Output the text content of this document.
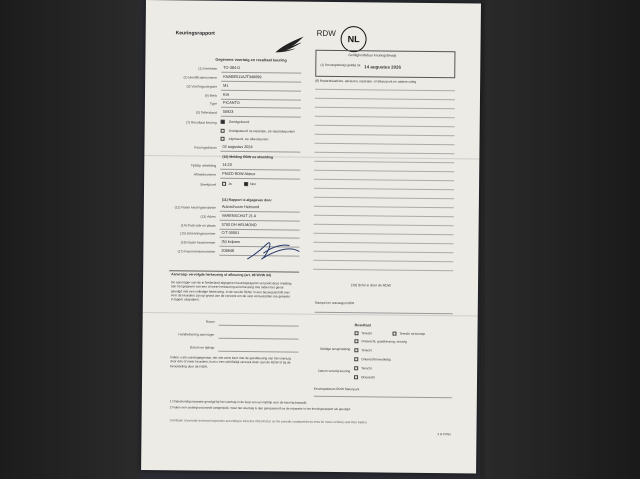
Keuringsrapport	RDW
NL
Gegevens voertuig en resultaat keuring
Geldigheidsduur keuringsbewijs
(1) Keuringsbewijs geldig tot 14 augustus 2026
(8) Reparatieadvies, adviezen, reparatie- of afkeurpunt en nadere uitleg
(1) Kenteken TO-384-D
(2) Identificatienummer KNABE511AJT346699
(3) Voertuigcategorie M1
(4) Merk KIA
Type PICANTO
(5) Tellerstand 50923
(7) Resultaat keuring	Goedgekeurd
Goedgekeurd na reparatie, zie reparatiepunten
Afgekeurd, zie afkeurpunten
Keuringsdatum 02 augustus 2024
(10) Melding RDW na afmelding
Tijdstip afmelding 14:23
Afmeldnummer PNIZD RDW Aktrux
Steekproef	Ja	Nee
(11) Rapport is afgegeven door
(12) Naam keuringsinstantie Autoschoom Helmond
(13) Adres VARENSCHUT 21 A
(14) Postcode en plaats 5705 DH HELMOND
(15) Erkenningsnummer C/T 00001
(16) Naam keurmeester (N) kclpam
(17) Keurmeesternummer 208648
Aanvraag- vervolgde herkeuring of afkeuring (art. 98 WVW 94)
De aanvrager van de in Nederland afgegeven keuringsrapport verzoekt deze melding aan het gegeven van een of meer herkeuring en/of keuring met indien het geval gevolgd met een volledige herkeuring. In de wet de RDW, in een bezwaarschrift met voor de keurders zijn op grond van de verzoek om de vast voorwaarden toe gestrekt in lagere uitspraken.
Naam
Handtekening aanvrager
Datum en tijdstip
Indien u als voertuigeigenaar, het niet eens bent met de goedkeuring van het voertuig door één of meer keurders, kunt u een schriftelijk verzoek doen aan de RDW of bij de beoordeling door de RDW.
(19) Sche in door de RDW
Stempel en ontvangst RDW
Geldige terugmelding
Datum vervolg keuring
Keuringsdatum RDW Steunpunt
Resultaat
Terecht	Terecht na beroep
Onterecht, goedkeuring, vervolg
Terecht
Onterecht/onvolledig
Terecht
Onterecht
1 Ondeskundig reparatie gevolgd bij het voertuig in de loop van een tijdstip voor de keuring bepaald.
2 Indien een ondergrond wordt vastgesteld, moet het voertuig is dan gerepareerd na de reparatie in het keuringsrapport als gevolgd.
Certificate of periodic technical inspection according to Directive 2014/45/EU on the periodic roadworthiness tests for motor vehicles and their trailers
2 B 0701e
